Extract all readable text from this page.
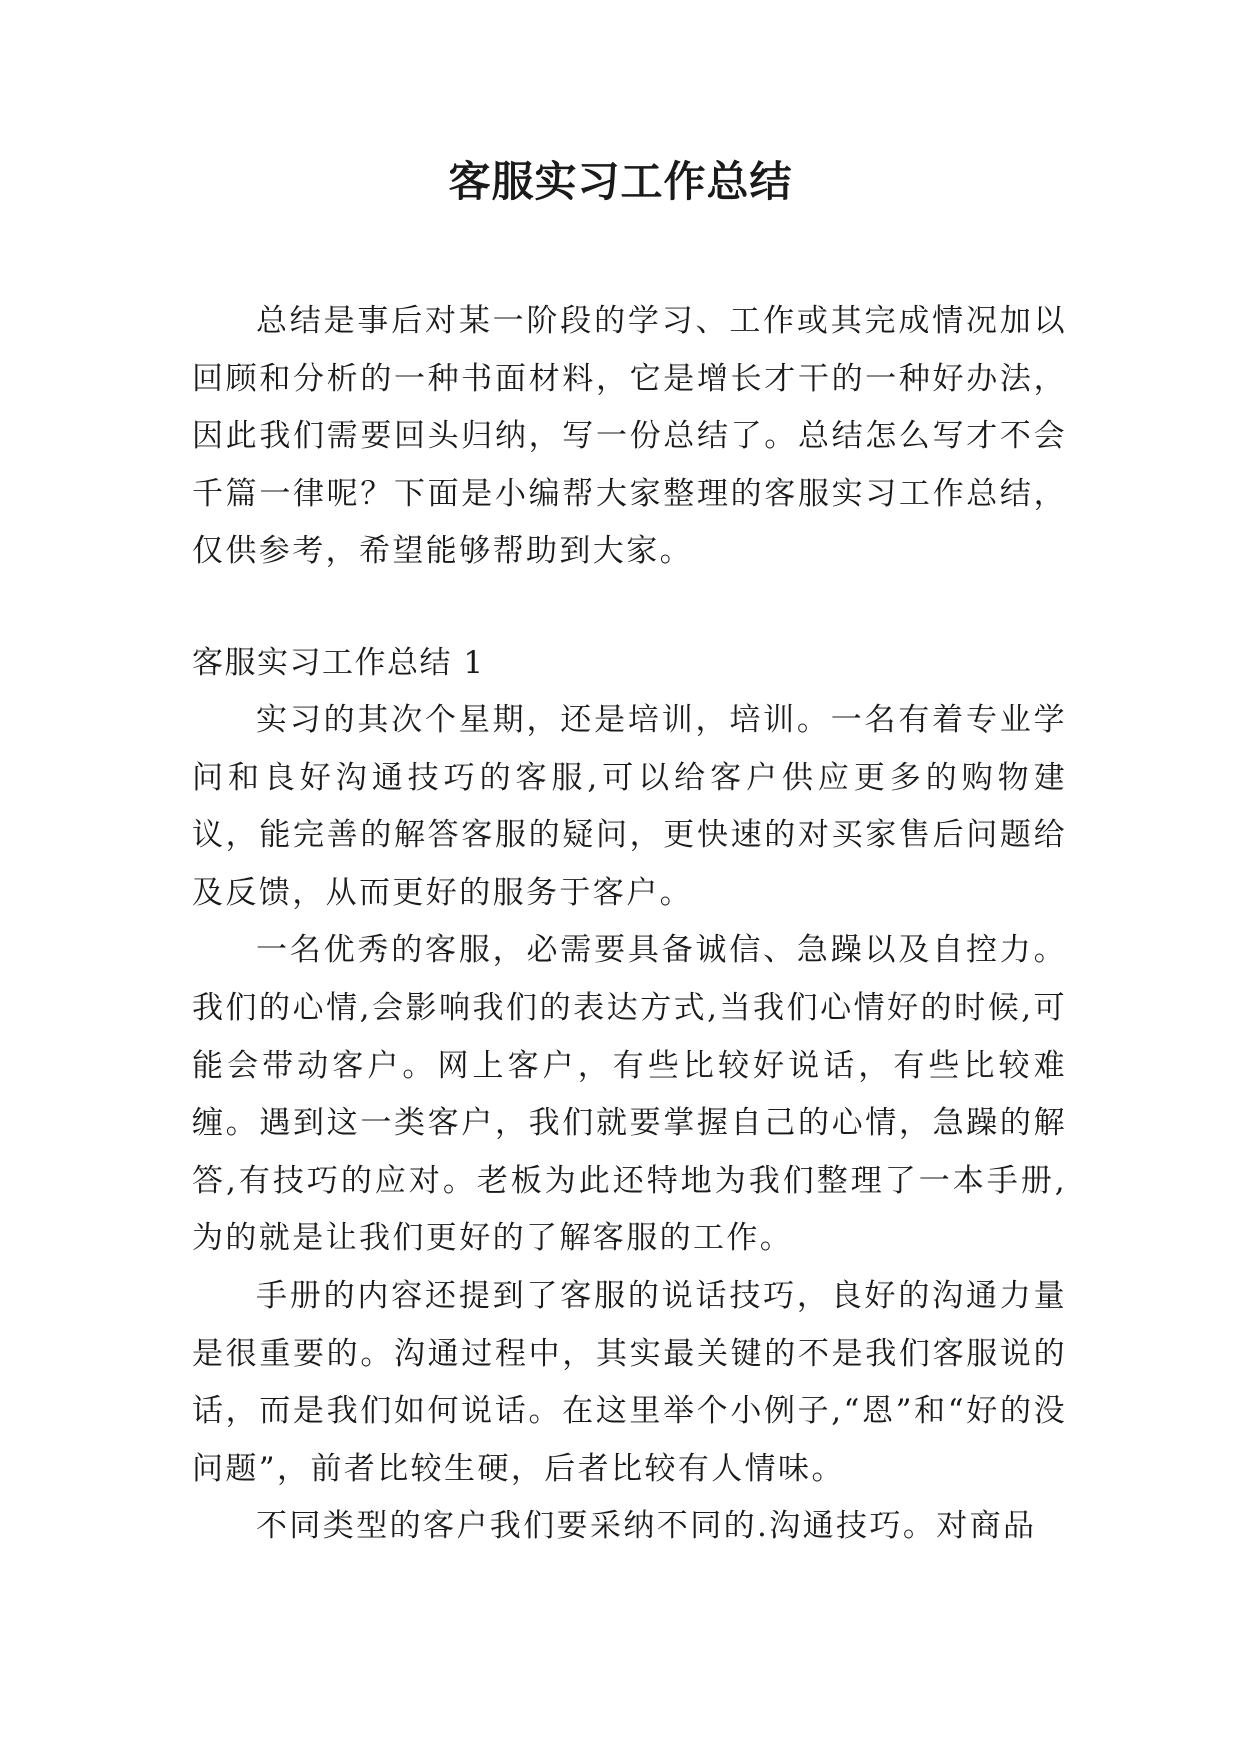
客服实习工作总结

总结是事后对某一阶段的学习、工作或其完成情况加以回顾和分析的一种书面材料，它是增长才干的一种好办法，因此我们需要回头归纳，写一份总结了。总结怎么写才不会千篇一律呢？下面是小编帮大家整理的客服实习工作总结，仅供参考，希望能够帮助到大家。

客服实习工作总结 1

实习的其次个星期，还是培训，培训。一名有着专业学问和良好沟通技巧的客服,可以给客户供应更多的购物建议，能完善的解答客服的疑问，更快速的对买家售后问题给及反馈，从而更好的服务于客户。

一名优秀的客服，必需要具备诚信、急躁以及自控力。我们的心情,会影响我们的表达方式,当我们心情好的时候,可能会带动客户。网上客户，有些比较好说话，有些比较难缠。遇到这一类客户，我们就要掌握自己的心情，急躁的解答,有技巧的应对。老板为此还特地为我们整理了一本手册,为的就是让我们更好的了解客服的工作。

手册的内容还提到了客服的说话技巧，良好的沟通力量是很重要的。沟通过程中，其实最关键的不是我们客服说的话，而是我们如何说话。在这里举个小例子,“恩”和“好的没问题”，前者比较生硬，后者比较有人情味。

不同类型的客户我们要采纳不同的.沟通技巧。对商品
